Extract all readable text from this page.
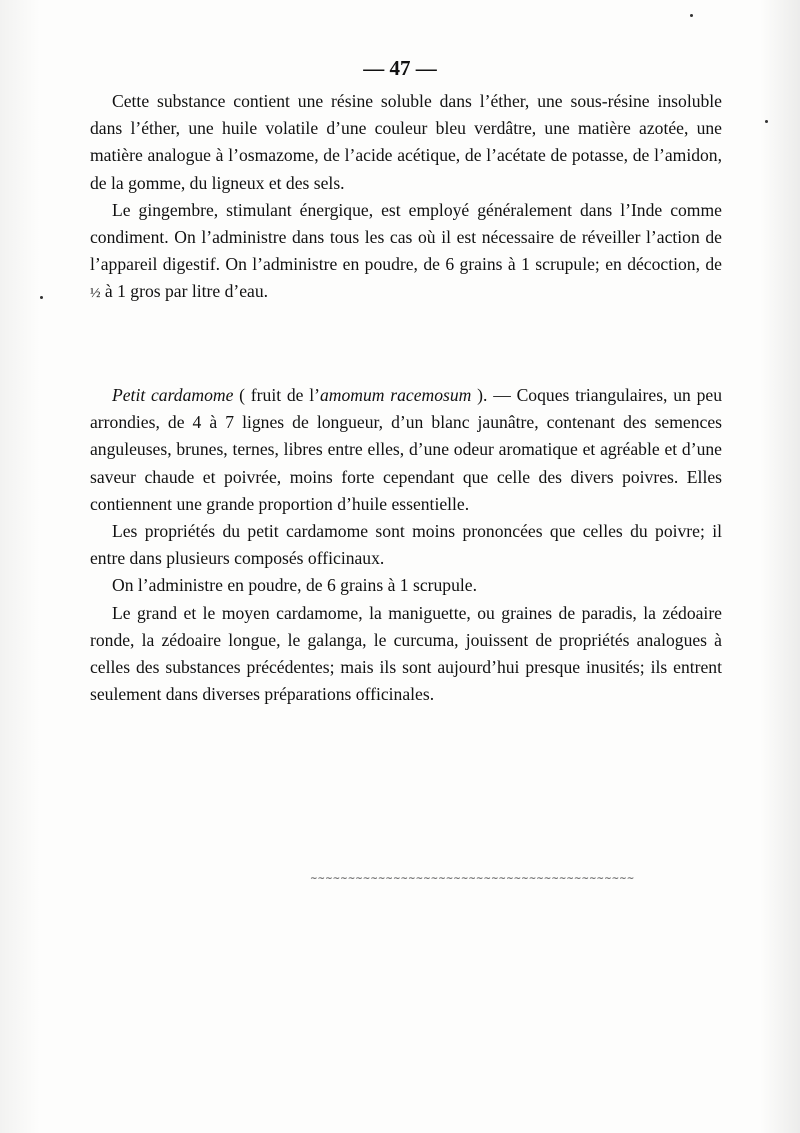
— 47 —

Cette substance contient une résine soluble dans l’éther, une sous-résine insoluble dans l’éther, une huile volatile d’une couleur bleu verdâtre, une matière azotée, une matière analogue à l’osmazome, de l’acide acétique, de l’acétate de potasse, de l’amidon, de la gomme, du ligneux et des sels.

Le gingembre, stimulant énergique, est employé généralement dans l’Inde comme condiment. On l’administre dans tous les cas où il est nécessaire de réveiller l’action de l’appareil digestif. On l’administre en poudre, de 6 grains à 1 scrupule; en décoction, de ½ à 1 gros par litre d’eau.

Petit cardamome ( fruit de l’amomum racemosum ). — Coques triangulaires, un peu arrondies, de 4 à 7 lignes de longueur, d’un blanc jaunâtre, contenant des semences anguleuses, brunes, ternes, libres entre elles, d’une odeur aromatique et agréable et d’une saveur chaude et poivrée, moins forte cependant que celle des divers poivres. Elles contiennent une grande proportion d’huile essentielle.

Les propriétés du petit cardamome sont moins prononcées que celles du poivre; il entre dans plusieurs composés officinaux.

On l’administre en poudre, de 6 grains à 1 scrupule.

Le grand et le moyen cardamome, la maniguette, ou graines de paradis, la zédoaire ronde, la zédoaire longue, le galanga, le curcuma, jouissent de propriétés analogues à celles des substances précédentes; mais ils sont aujourd’hui presque inusités; ils entrent seulement dans diverses préparations officinales.

~~~~~~~~~~~~~~~~~~~~~~~~~~~~~~~~~~~~~~~~~~~
